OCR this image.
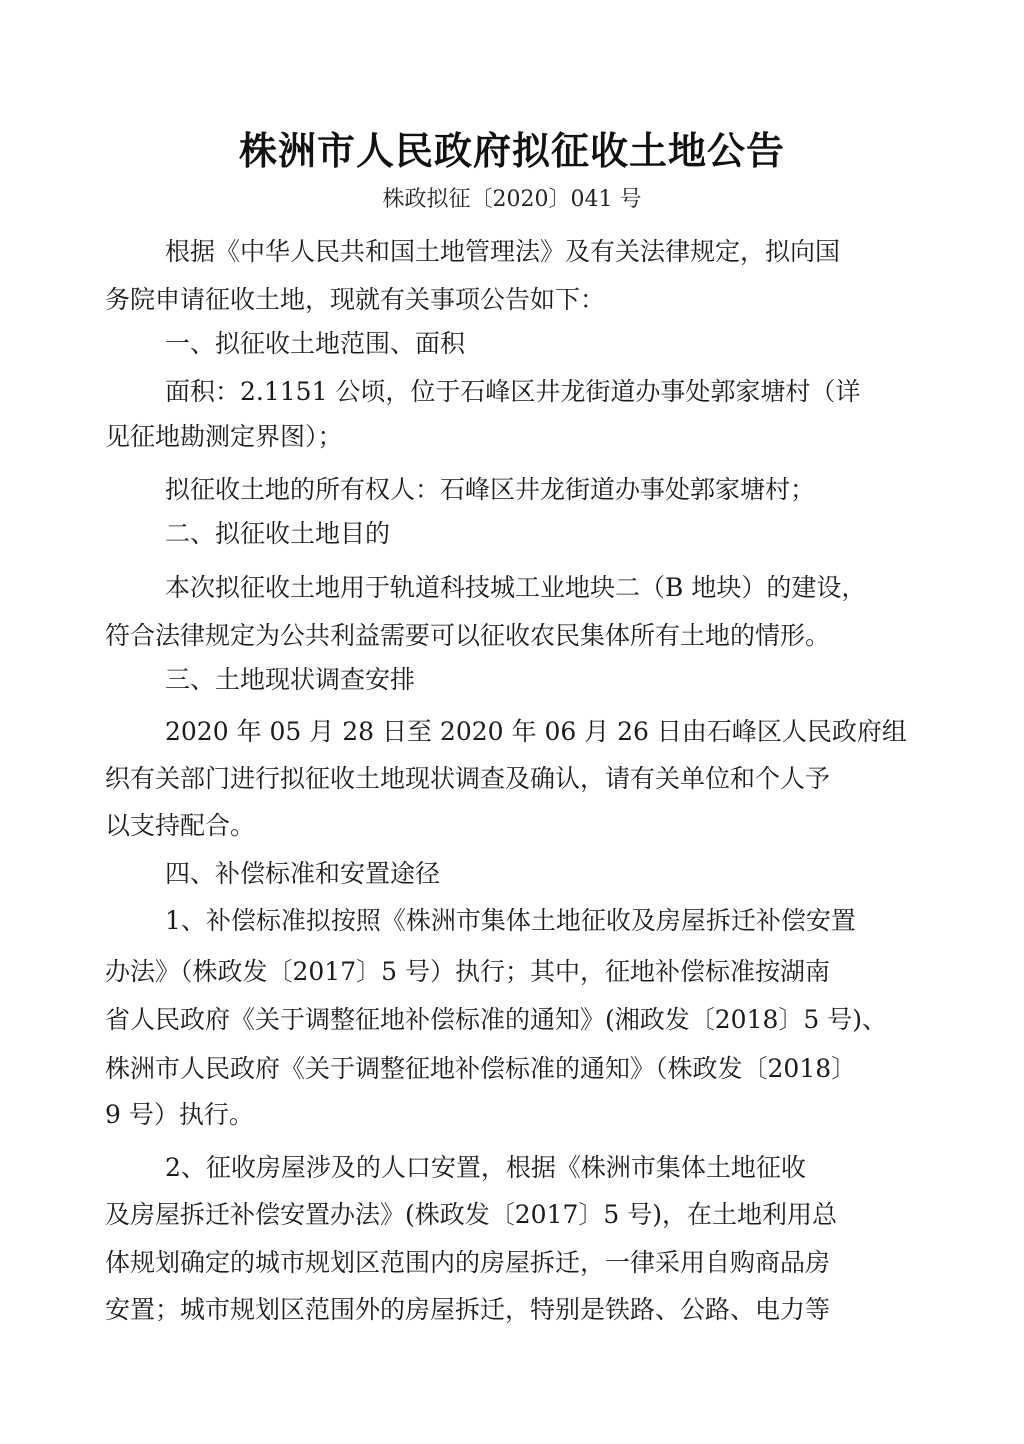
株洲市人民政府拟征收土地公告
株政拟征〔2020〕041 号
根据《中华人民共和国土地管理法》及有关法律规定，拟向国
务院申请征收土地，现就有关事项公告如下：
一、拟征收土地范围、面积
面积：2.1151 公顷，位于石峰区井龙街道办事处郭家塘村（详
见征地勘测定界图）；
拟征收土地的所有权人：石峰区井龙街道办事处郭家塘村；
二、拟征收土地目的
本次拟征收土地用于轨道科技城工业地块二（B 地块）的建设，
符合法律规定为公共利益需要可以征收农民集体所有土地的情形。
三、土地现状调查安排
2020 年 05 月 28 日至 2020 年 06 月 26 日由石峰区人民政府组
织有关部门进行拟征收土地现状调查及确认，请有关单位和个人予
以支持配合。
四、补偿标准和安置途径
1、补偿标准拟按照《株洲市集体土地征收及房屋拆迁补偿安置
办法》（株政发〔2017〕5 号）执行；其中，征地补偿标准按湖南
省人民政府《关于调整征地补偿标准的通知》(湘政发〔2018〕5 号)、
株洲市人民政府《关于调整征地补偿标准的通知》（株政发〔2018〕
9 号）执行。
2、征收房屋涉及的人口安置，根据《株洲市集体土地征收
及房屋拆迁补偿安置办法》(株政发〔2017〕5 号)，在土地利用总
体规划确定的城市规划区范围内的房屋拆迁，一律采用自购商品房
安置；城市规划区范围外的房屋拆迁，特别是铁路、公路、电力等
